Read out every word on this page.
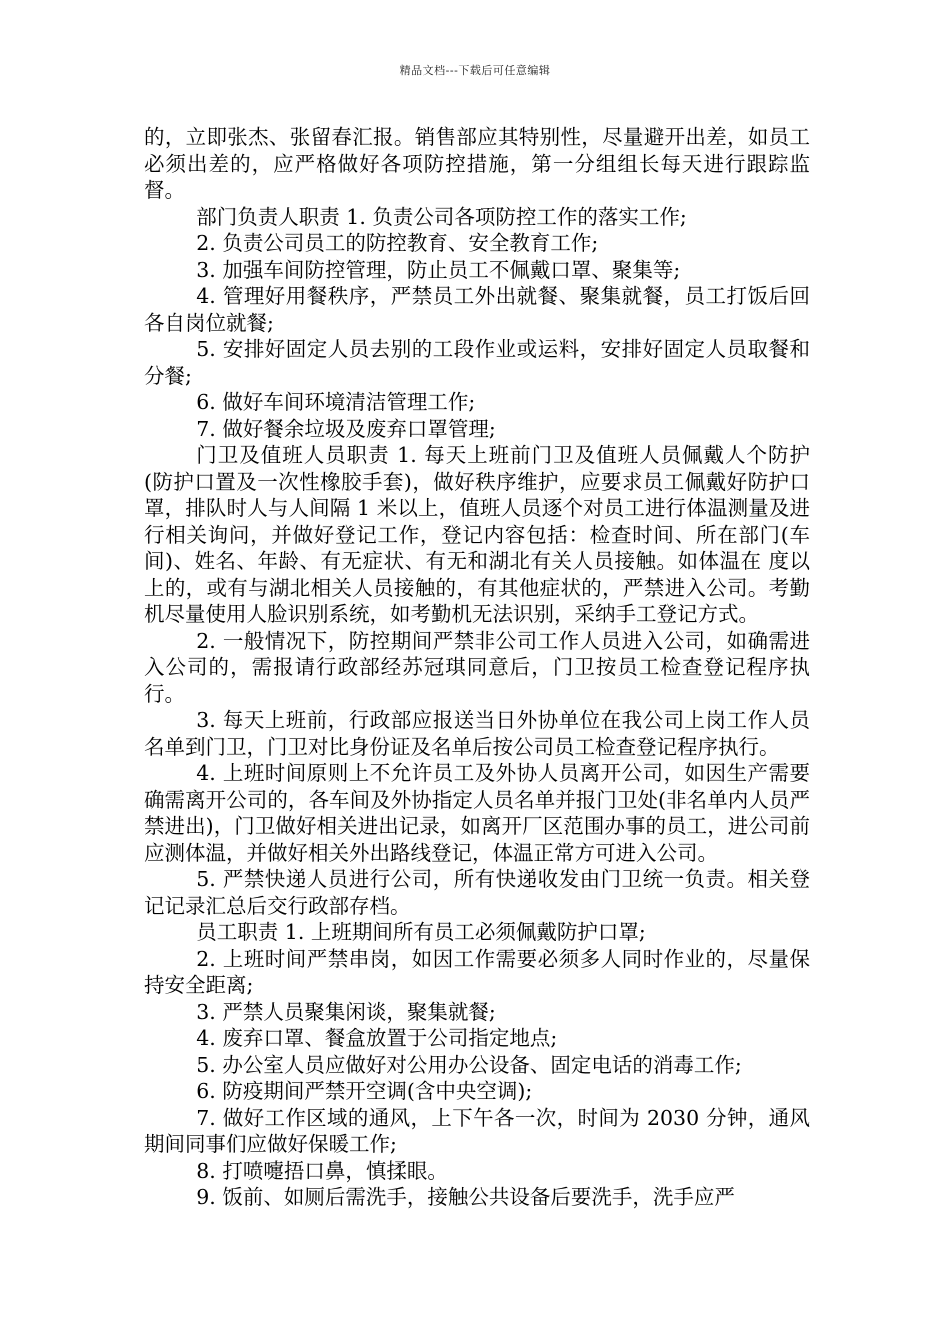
精品文档---下载后可任意编辑

的，立即张杰、张留春汇报。销售部应其特别性，尽量避开出差，如员工必须出差的，应严格做好各项防控措施，第一分组组长每天进行跟踪监督。

部门负责人职责 1. 负责公司各项防控工作的落实工作;

2. 负责公司员工的防控教育、安全教育工作;

3. 加强车间防控管理，防止员工不佩戴口罩、聚集等;

4. 管理好用餐秩序，严禁员工外出就餐、聚集就餐，员工打饭后回各自岗位就餐;

5. 安排好固定人员去别的工段作业或运料，安排好固定人员取餐和分餐;

6. 做好车间环境清洁管理工作;

7. 做好餐余垃圾及废弃口罩管理;

门卫及值班人员职责 1. 每天上班前门卫及值班人员佩戴人个防护(防护口置及一次性橡胶手套)，做好秩序维护，应要求员工佩戴好防护口罩，排队时人与人间隔 1 米以上，值班人员逐个对员工进行体温测量及进行相关询问，并做好登记工作，登记内容包括：检查时间、所在部门(车间)、姓名、年龄、有无症状、有无和湖北有关人员接触。如体温在 度以上的，或有与湖北相关人员接触的，有其他症状的，严禁进入公司。考勤机尽量使用人脸识别系统，如考勤机无法识别，采纳手工登记方式。

2. 一般情况下，防控期间严禁非公司工作人员进入公司，如确需进入公司的，需报请行政部经苏冠琪同意后，门卫按员工检查登记程序执行。

3. 每天上班前，行政部应报送当日外协单位在我公司上岗工作人员名单到门卫，门卫对比身份证及名单后按公司员工检查登记程序执行。

4. 上班时间原则上不允许员工及外协人员离开公司，如因生产需要确需离开公司的，各车间及外协指定人员名单并报门卫处(非名单内人员严禁进出)，门卫做好相关进出记录，如离开厂区范围办事的员工，进公司前应测体温，并做好相关外出路线登记，体温正常方可进入公司。

5. 严禁快递人员进行公司，所有快递收发由门卫统一负责。相关登记记录汇总后交行政部存档。

员工职责 1. 上班期间所有员工必须佩戴防护口罩;

2. 上班时间严禁串岗，如因工作需要必须多人同时作业的，尽量保持安全距离;

3. 严禁人员聚集闲谈，聚集就餐;

4. 废弃口罩、餐盒放置于公司指定地点;

5. 办公室人员应做好对公用办公设备、固定电话的消毒工作;

6. 防疫期间严禁开空调(含中央空调);

7. 做好工作区域的通风，上下午各一次，时间为 2030 分钟，通风期间同事们应做好保暖工作;

8. 打喷嚏捂口鼻，慎揉眼。

9. 饭前、如厕后需洗手，接触公共设备后要洗手，洗手应严
